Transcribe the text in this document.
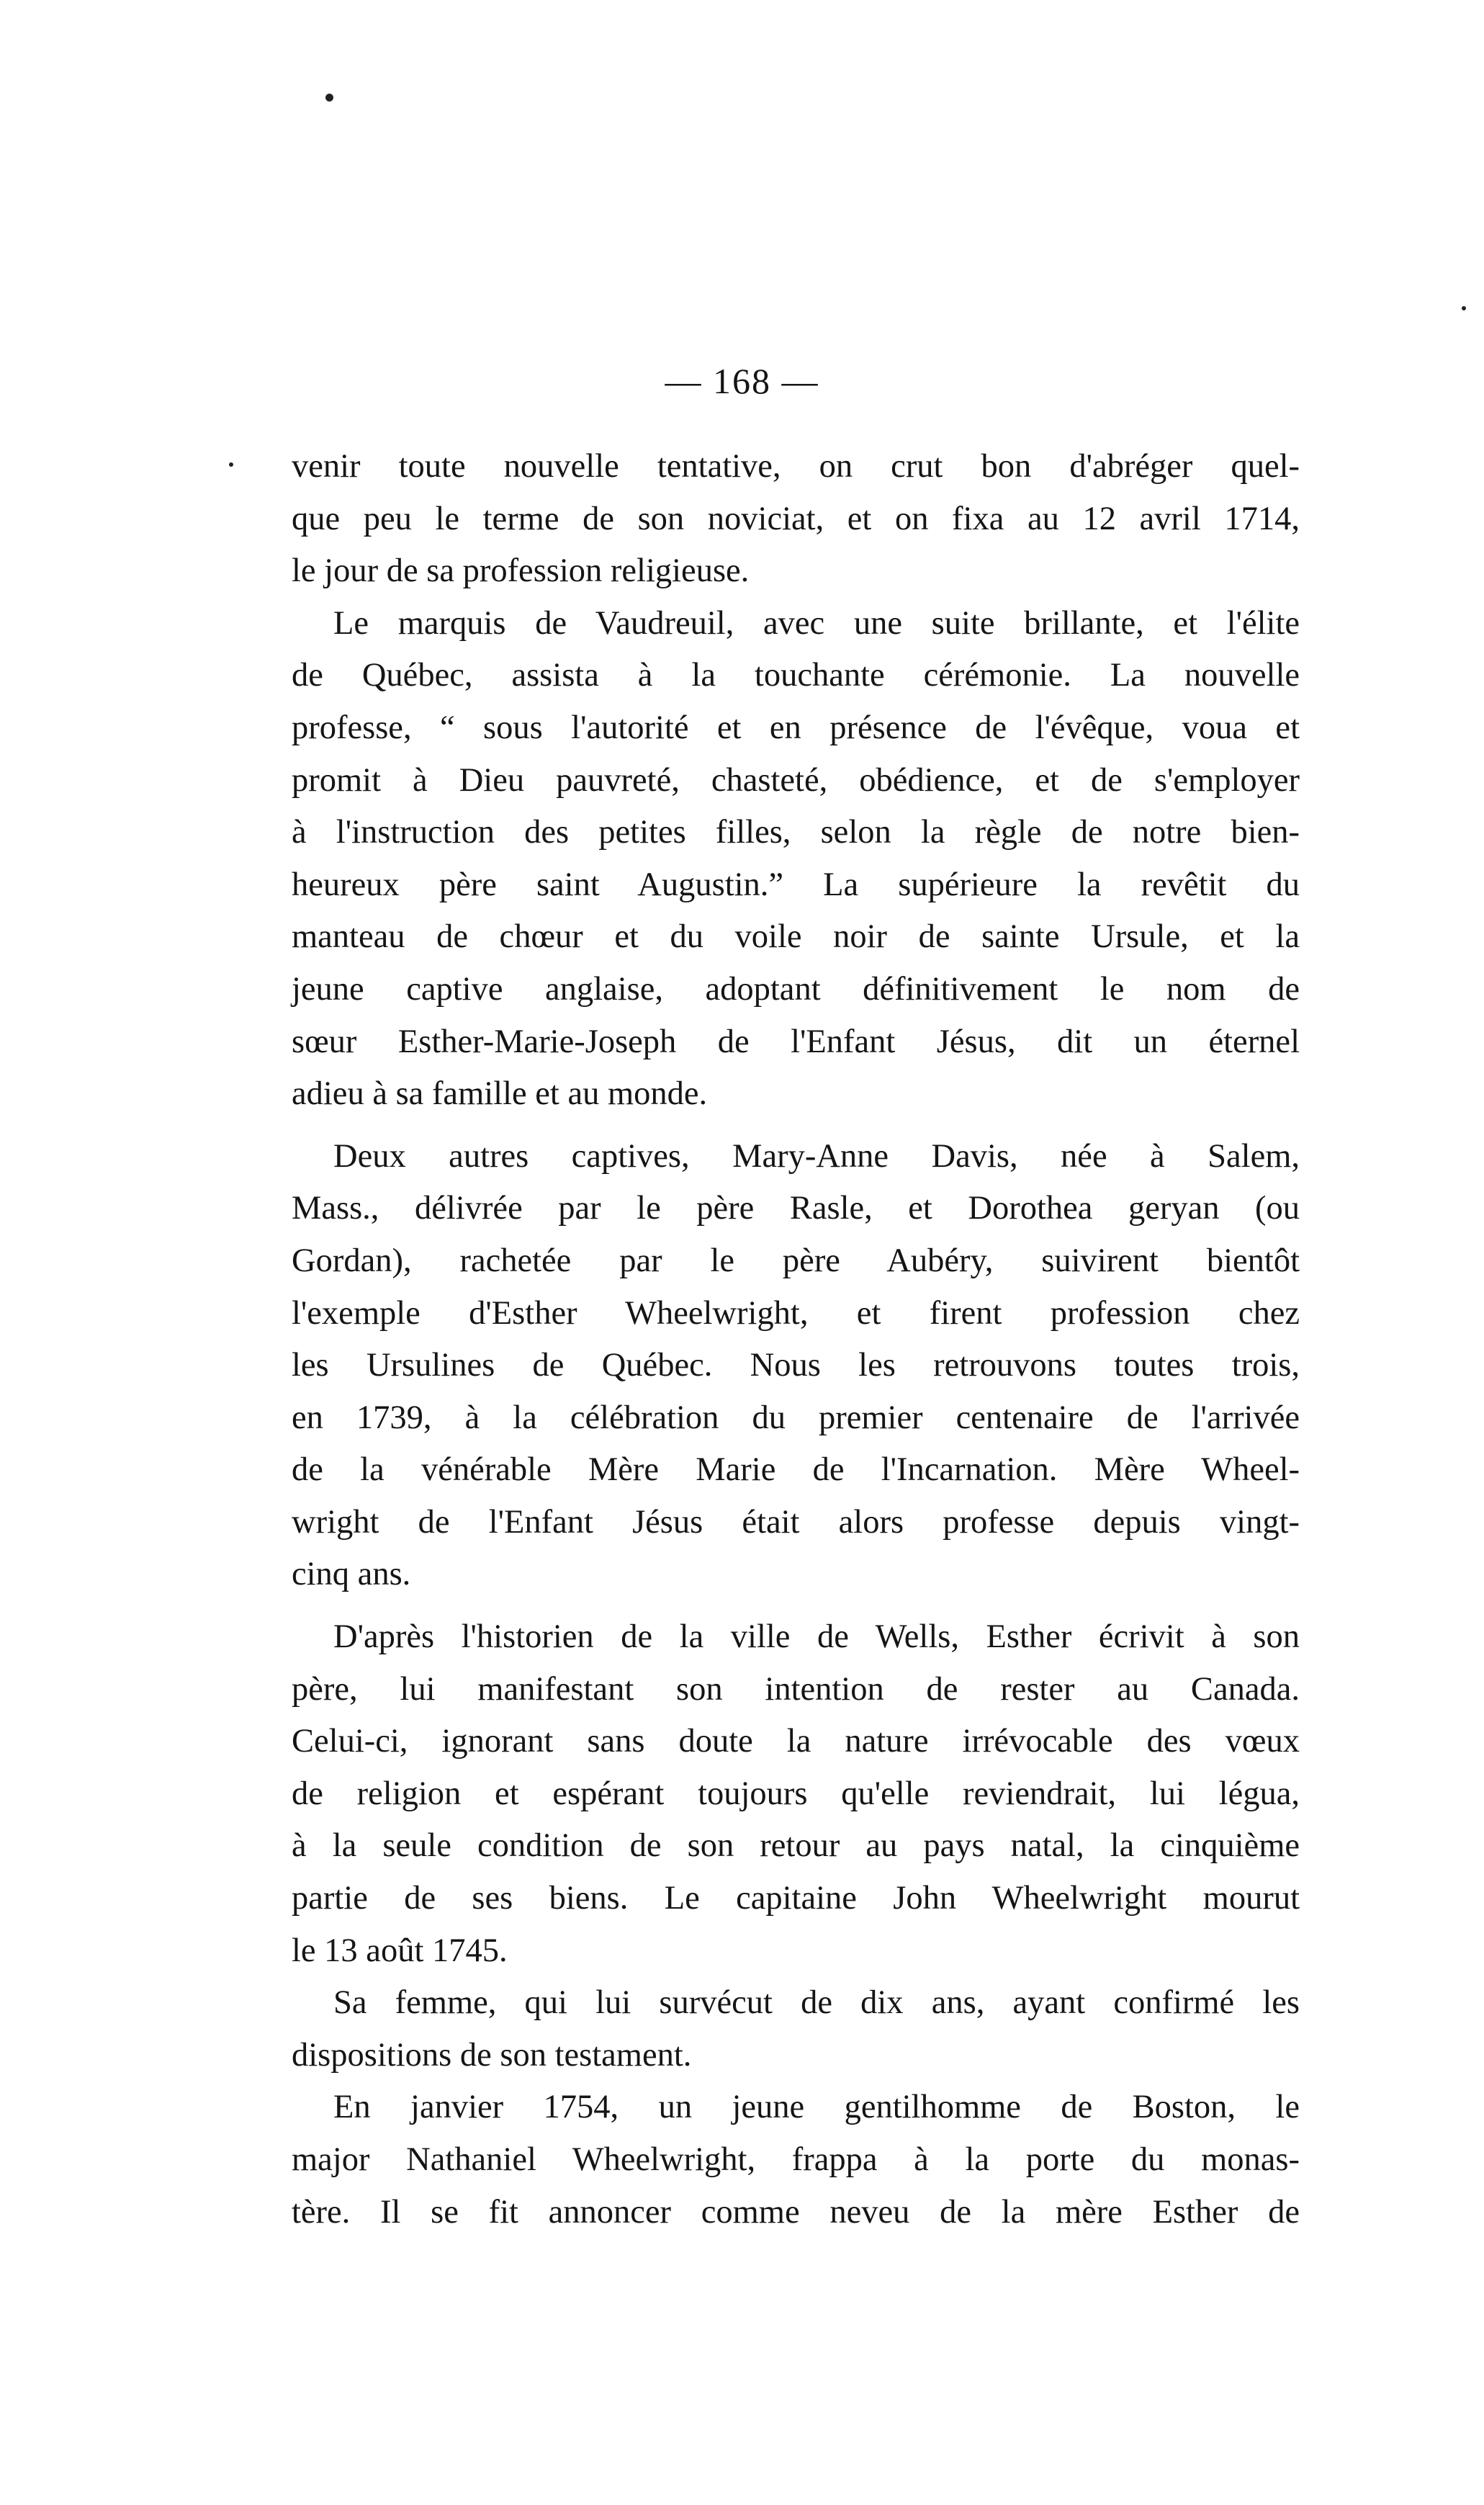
— 168 —
venir toute nouvelle tentative, on crut bon d'abréger quel-
que peu le terme de son noviciat, et on fixa au 12 avril 1714,
le jour de sa profession religieuse.
Le marquis de Vaudreuil, avec une suite brillante, et l'élite
de Québec, assista à la touchante cérémonie. La nouvelle
professe, “ sous l'autorité et en présence de l'évêque, voua et
promit à Dieu pauvreté, chasteté, obédience, et de s'employer
à l'instruction des petites filles, selon la règle de notre bien-
heureux père saint Augustin.” La supérieure la revêtit du
manteau de chœur et du voile noir de sainte Ursule, et la
jeune captive anglaise, adoptant définitivement le nom de
sœur Esther-Marie-Joseph de l'Enfant Jésus, dit un éternel
adieu à sa famille et au monde.
Deux autres captives, Mary-Anne Davis, née à Salem,
Mass., délivrée par le père Rasle, et Dorothea geryan (ou
Gordan), rachetée par le père Aubéry, suivirent bientôt
l'exemple d'Esther Wheelwright, et firent profession chez
les Ursulines de Québec. Nous les retrouvons toutes trois,
en 1739, à la célébration du premier centenaire de l'arrivée
de la vénérable Mère Marie de l'Incarnation. Mère Wheel-
wright de l'Enfant Jésus était alors professe depuis vingt-
cinq ans.
D'après l'historien de la ville de Wells, Esther écrivit à son
père, lui manifestant son intention de rester au Canada.
Celui-ci, ignorant sans doute la nature irrévocable des vœux
de religion et espérant toujours qu'elle reviendrait, lui légua,
à la seule condition de son retour au pays natal, la cinquième
partie de ses biens. Le capitaine John Wheelwright mourut
le 13 août 1745.
Sa femme, qui lui survécut de dix ans, ayant confirmé les
dispositions de son testament.
En janvier 1754, un jeune gentilhomme de Boston, le
major Nathaniel Wheelwright, frappa à la porte du monas-
tère. Il se fit annoncer comme neveu de la mère Esther de
